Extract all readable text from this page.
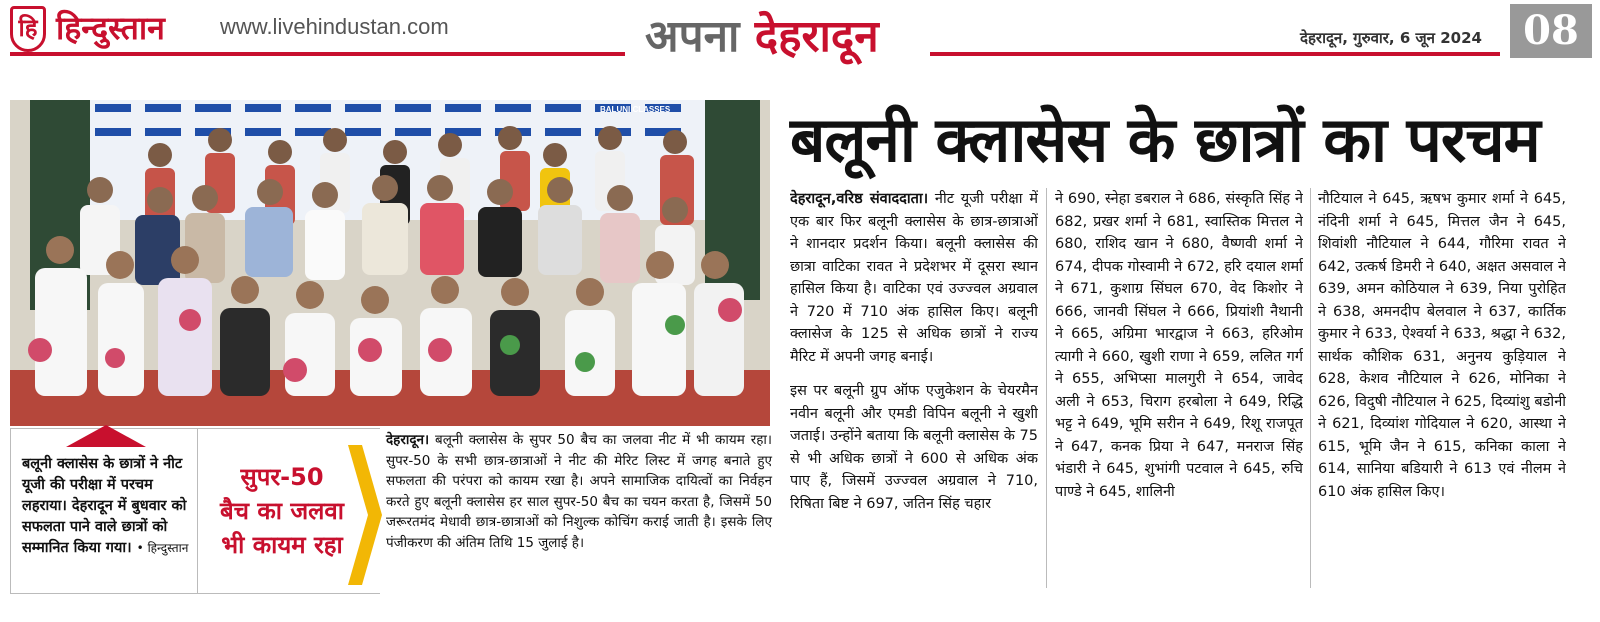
हि हिन्दुस्तान	www.livehindustan.com	अपना देहरादून	देहरादून, गुरुवार, 6 जून 2024	08
BALUNI CLASSES
बलूनी क्लासेस के छात्रों ने नीट यूजी की परीक्षा में परचम लहराया। देहरादून में बुधवार को सफलता पाने वाले छात्रों को सम्मानित किया गया। • हिन्दुस्तान
सुपर-50
बैच का जलवा
भी कायम रहा
देहरादून। बलूनी क्लासेस के सुपर 50 बैच का जलवा नीट में भी कायम रहा। सुपर-50 के सभी छात्र-छात्राओं ने नीट की मेरिट लिस्ट में जगह बनाते हुए सफलता की परंपरा को कायम रखा है। अपने सामाजिक दायित्वों का निर्वहन करते हुए बलूनी क्लासेस हर साल सुपर-50 बैच का चयन करता है, जिसमें 50 जरूरतमंद मेधावी छात्र-छात्राओं को निशुल्क कोचिंग कराई जाती है। इसके लिए पंजीकरण की अंतिम तिथि 15 जुलाई है।
बलूनी क्लासेस के छात्रों का परचम

देहरादून,वरिष्ठ संवाददाता। नीट यूजी परीक्षा में एक बार फिर बलूनी क्लासेस के छात्र-छात्राओं ने शानदार प्रदर्शन किया। बलूनी क्लासेस की छात्रा वाटिका रावत ने प्रदेशभर में दूसरा स्थान हासिल किया है। वाटिका एवं उज्ज्वल अग्रवाल ने 720 में 710 अंक हासिल किए। बलूनी क्लासेज के 125 से अधिक छात्रों ने राज्य मैरिट में अपनी जगह बनाई।

इस पर बलूनी ग्रुप ऑफ एजुकेशन के चेयरमैन नवीन बलूनी और एमडी विपिन बलूनी ने खुशी जताई। उन्होंने बताया कि बलूनी क्लासेस के 75 से भी अधिक छात्रों ने 600 से अधिक अंक पाए हैं, जिसमें उज्ज्वल अग्रवाल ने 710, रिषिता बिष्ट ने 697, जतिन सिंह चहार

ने 690, स्नेहा डबराल ने 686, संस्कृति सिंह ने 682, प्रखर शर्मा ने 681, स्वास्तिक मित्तल ने 680, राशिद खान ने 680, वैष्णवी शर्मा ने 674, दीपक गोस्वामी ने 672, हरि दयाल शर्मा ने 671, कुशाग्र सिंघल 670, वेद किशोर ने 666, जानवी सिंघल ने 666, प्रियांशी नैथानी ने 665, अग्रिमा भारद्वाज ने 663, हरिओम त्यागी ने 660, खुशी राणा ने 659, ललित गर्ग ने 655, अभिप्सा मालगुरी ने 654, जावेद अली ने 653, चिराग हरबोला ने 649, रिद्धि भट्ट ने 649, भूमि सरीन ने 649, रिशू राजपूत ने 647, कनक प्रिया ने 647, मनराज सिंह भंडारी ने 645, शुभांगी पटवाल ने 645, रुचि पाण्डे ने 645, शालिनी
नौटियाल ने 645, ऋषभ कुमार शर्मा ने 645, नंदिनी शर्मा ने 645, मित्तल जैन ने 645, शिवांशी नौटियाल ने 644, गौरिमा रावत ने 642, उत्कर्ष डिमरी ने 640, अक्षत असवाल ने 639, अमन कोठियाल ने 639, निया पुरोहित ने 638, अमनदीप बेलवाल ने 637, कार्तिक कुमार ने 633, ऐश्वर्या ने 633, श्रद्धा ने 632, सार्थक कौशिक 631, अनुनय कुड़ियाल ने 628, केशव नौटियाल ने 626, मोनिका ने 626, विदुषी नौटियाल ने 625, दिव्यांशु बडोनी ने 621, दिव्यांश गोदियाल ने 620, आस्था ने 615, भूमि जैन ने 615, कनिका काला ने 614, सानिया बडियारी ने 613 एवं नीलम ने 610 अंक हासिल किए।
